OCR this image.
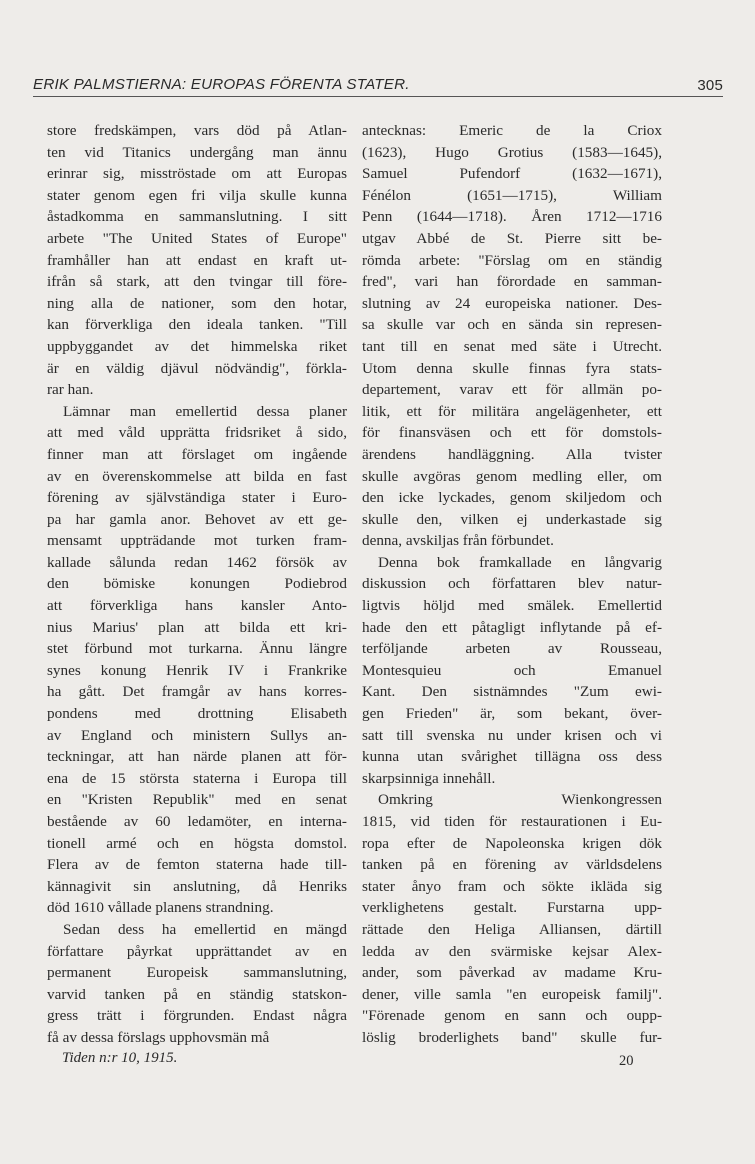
ERIK PALMSTIERNA: EUROPAS FÖRENTA STATER.	305
store fredskämpen, vars död på Atlan-
ten vid Titanics undergång man ännu
erinrar sig, misströstade om att Europas
stater genom egen fri vilja skulle kunna
åstadkomma en sammanslutning. I sitt
arbete "The United States of Europe"
framhåller han att endast en kraft ut-
ifrån så stark, att den tvingar till före-
ning alla de nationer, som den hotar,
kan förverkliga den ideala tanken. "Till
uppbyggandet av det himmelska riket
är en väldig djävul nödvändig", förkla-
rar han.
Lämnar man emellertid dessa planer
att med våld upprätta fridsriket å sido,
finner man att förslaget om ingående
av en överenskommelse att bilda en fast
förening av självständiga stater i Euro-
pa har gamla anor. Behovet av ett ge-
mensamt uppträdande mot turken fram-
kallade sålunda redan 1462 försök av
den bömiske konungen Podiebrod
att förverkliga hans kansler Anto-
nius Marius' plan att bilda ett kri-
stet förbund mot turkarna. Ännu längre
synes konung Henrik IV i Frankrike
ha gått. Det framgår av hans korres-
pondens med drottning Elisabeth
av England och ministern Sullys an-
teckningar, att han närde planen att för-
ena de 15 största staterna i Europa till
en "Kristen Republik" med en senat
bestående av 60 ledamöter, en interna-
tionell armé och en högsta domstol.
Flera av de femton staterna hade till-
kännagivit sin anslutning, då Henriks
död 1610 vållade planens strandning.
Sedan dess ha emellertid en mängd
författare påyrkat upprättandet av en
permanent Europeisk sammanslutning,
varvid tanken på en ständig statskon-
gress trätt i förgrunden. Endast några
få av dessa förslags upphovsmän må
antecknas: Emeric de la Criox
(1623), Hugo Grotius (1583—1645),
Samuel Pufendorf (1632—1671),
Fénélon (1651—1715), William
Penn (1644—1718). Åren 1712—1716
utgav Abbé de St. Pierre sitt be-
römda arbete: "Förslag om en ständig
fred", vari han förordade en samman-
slutning av 24 europeiska nationer. Des-
sa skulle var och en sända sin represen-
tant till en senat med säte i Utrecht.
Utom denna skulle finnas fyra stats-
departement, varav ett för allmän po-
litik, ett för militära angelägenheter, ett
för finansväsen och ett för domstols-
ärendens handläggning. Alla tvister
skulle avgöras genom medling eller, om
den icke lyckades, genom skiljedom och
skulle den, vilken ej underkastade sig
denna, avskiljas från förbundet.
Denna bok framkallade en långvarig
diskussion och författaren blev natur-
ligtvis höljd med smälek. Emellertid
hade den ett påtagligt inflytande på ef-
terföljande arbeten av Rousseau,
Montesquieu och Emanuel
Kant. Den sistnämndes "Zum ewi-
gen Frieden" är, som bekant, över-
satt till svenska nu under krisen och vi
kunna utan svårighet tillägna oss dess
skarpsinniga innehåll.
Omkring Wienkongressen
1815, vid tiden för restaurationen i Eu-
ropa efter de Napoleonska krigen dök
tanken på en förening av världsdelens
stater ånyo fram och sökte ikläda sig
verklighetens gestalt. Furstarna upp-
rättade den Heliga Alliansen, därtill
ledda av den svärmiske kejsar Alex-
ander, som påverkad av madame Kru-
dener, ville samla "en europeisk familj".
"Förenade genom en sann och oupp-
löslig broderlighets band" skulle fur-
Tiden n:r 10, 1915.	20
